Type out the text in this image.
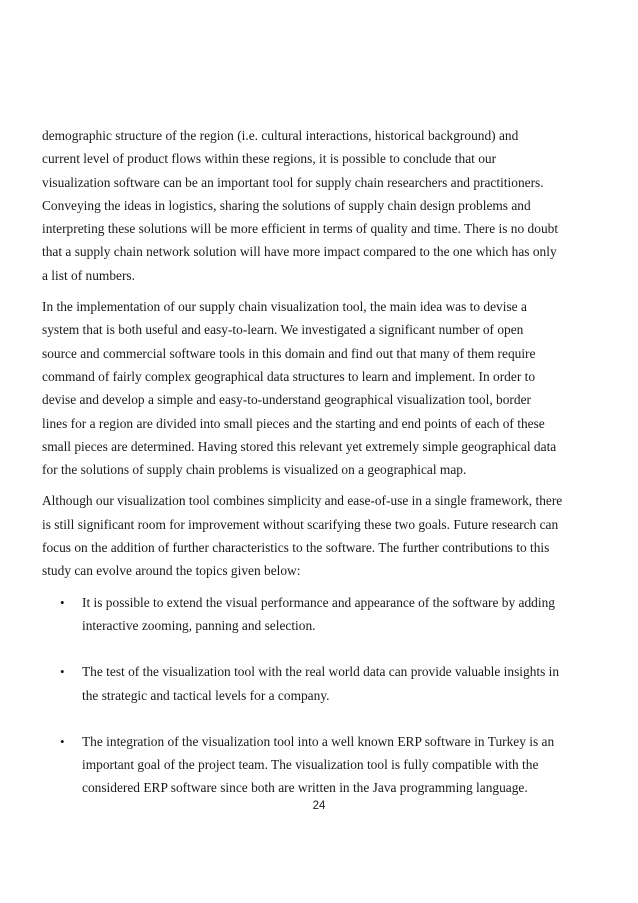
demographic structure of the region (i.e. cultural interactions, historical background) and
current level of product flows within these regions, it is possible to conclude that our
visualization software can be an important tool for supply chain researchers and practitioners.
Conveying the ideas in logistics, sharing the solutions of supply chain design problems and
interpreting these solutions will be more efficient in terms of quality and time. There is no doubt
that a supply chain network solution will have more impact compared to the one which has only
a list of numbers.

In the implementation of our supply chain visualization tool, the main idea was to devise a
system that is both useful and easy-to-learn. We investigated a significant number of open
source and commercial software tools in this domain and find out that many of them require
command of fairly complex geographical data structures to learn and implement. In order to
devise and develop a simple and easy-to-understand geographical visualization tool, border
lines for a region are divided into small pieces and the starting and end points of each of these
small pieces are determined. Having stored this relevant yet extremely simple geographical data
for the solutions of supply chain problems is visualized on a geographical map.

Although our visualization tool combines simplicity and ease-of-use in a single framework, there
is still significant room for improvement without scarifying these two goals. Future research can
focus on the addition of further characteristics to the software. The further contributions to this
study can evolve around the topics given below:

• It is possible to extend the visual performance and appearance of the software by adding
interactive zooming, panning and selection.
• The test of the visualization tool with the real world data can provide valuable insights in
the strategic and tactical levels for a company.
• The integration of the visualization tool into a well known ERP software in Turkey is an
important goal of the project team. The visualization tool is fully compatible with the
considered ERP software since both are written in the Java programming language.
24
